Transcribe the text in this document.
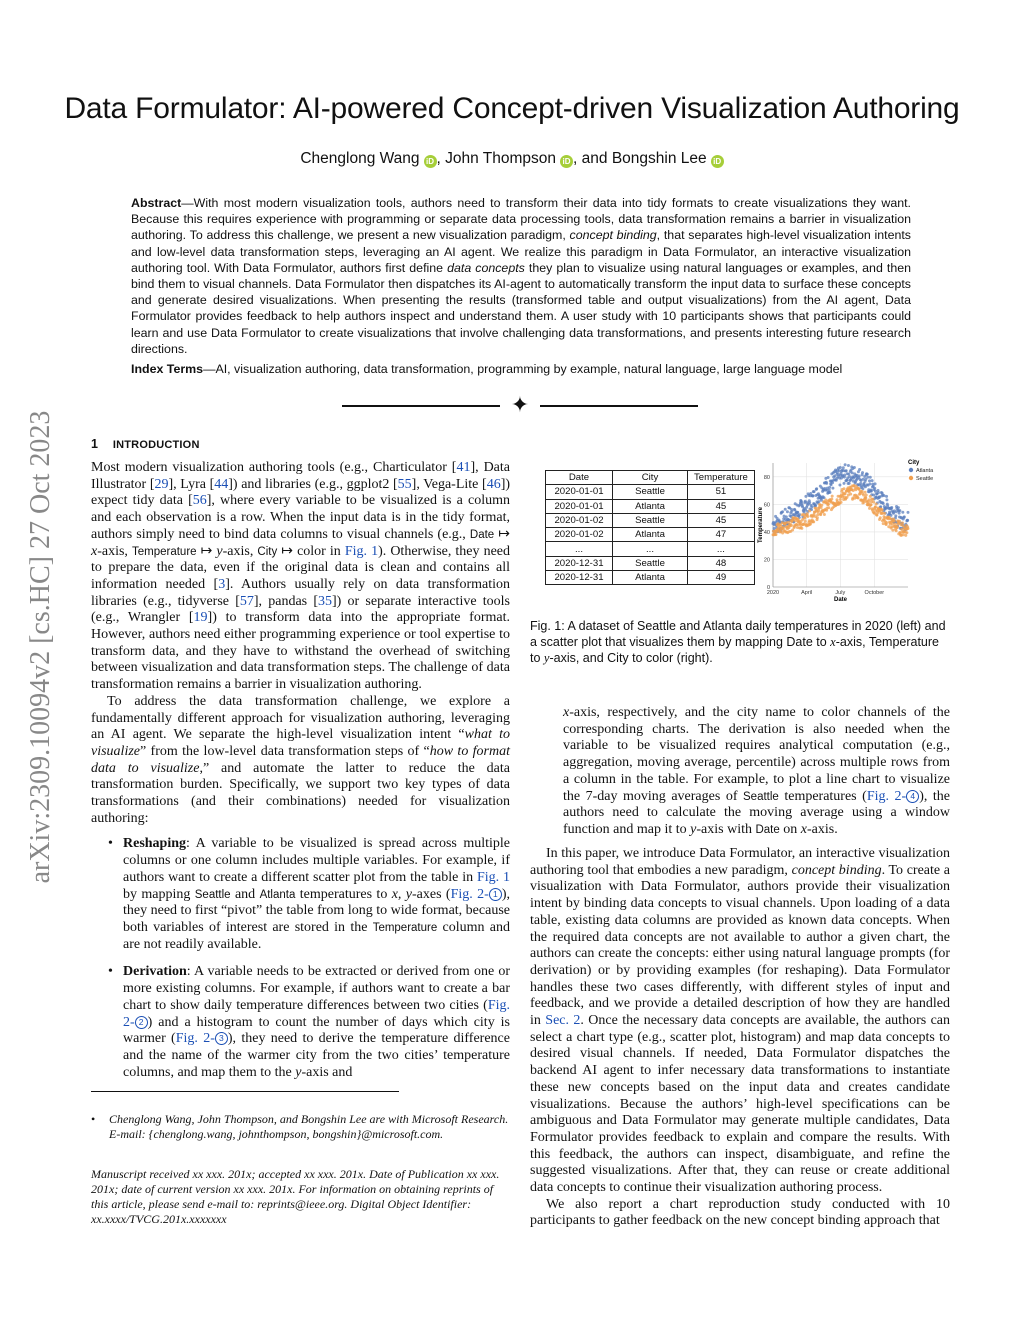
Data Formulator: AI-powered Concept-driven Visualization Authoring
Chenglong Wang iD , John Thompson iD , and Bongshin Lee iD
Abstract—With most modern visualization tools, authors need to transform their data into tidy formats to create visualizations they want. Because this requires experience with programming or separate data processing tools, data transformation remains a barrier in visualization authoring. To address this challenge, we present a new visualization paradigm, concept binding, that separates high-level visualization intents and low-level data transformation steps, leveraging an AI agent. We realize this paradigm in Data Formulator, an interactive visualization authoring tool. With Data Formulator, authors first define data concepts they plan to visualize using natural languages or examples, and then bind them to visual channels. Data Formulator then dispatches its AI-agent to automatically transform the input data to surface these concepts and generate desired visualizations. When presenting the results (transformed table and output visualizations) from the AI agent, Data Formulator provides feedback to help authors inspect and understand them. A user study with 10 participants shows that participants could learn and use Data Formulator to create visualizations that involve challenging data transformations, and presents interesting future research directions.
Index Terms—AI, visualization authoring, data transformation, programming by example, natural language, large language model
✦
arXiv:2309.10094v2 [cs.HC] 27 Oct 2023	1 INTRODUCTION

Most modern visualization authoring tools (e.g., Charticulator [41], Data Illustrator [29], Lyra [44]) and libraries (e.g., ggplot2 [55], Vega-Lite [46]) expect tidy data [56], where every variable to be visualized is a column and each observation is a row. When the input data is in the tidy format, authors simply need to bind data columns to visual channels (e.g., Date ↦ x-axis, Temperature ↦ y-axis, City ↦ color in Fig. 1). Otherwise, they need to prepare the data, even if the original data is clean and contains all information needed [3]. Authors usually rely on data transformation libraries (e.g., tidyverse [57], pandas [35]) or separate interactive tools (e.g., Wrangler [19]) to transform data into the appropriate format. However, authors need either programming experience or tool expertise to transform data, and they have to withstand the overhead of switching between visualization and data transformation steps. The challenge of data transformation remains a barrier in visualization authoring.

To address the data transformation challenge, we explore a fundamentally different approach for visualization authoring, leveraging an AI agent. We separate the high-level visualization intent “what to visualize” from the low-level data transformation steps of “how to format data to visualize,” and automate the latter to reduce the data transformation burden. Specifically, we support two key types of data transformations (and their combinations) needed for visualization authoring:

• Reshaping: A variable to be visualized is spread across multiple columns or one column includes multiple variables. For example, if authors want to create a different scatter plot from the table in Fig. 1 by mapping Seattle and Atlanta temperatures to x, y-axes (Fig. 2- 1 ), they need to first “pivot” the table from long to wide format, because both variables of interest are stored in the Temperature column and are not readily available.
• Derivation: A variable needs to be extracted or derived from one or more existing columns. For example, if authors want to create a bar chart to show daily temperature differences between two cities (Fig. 2- 2 ) and a histogram to count the number of days which city is warmer (Fig. 2- 3 ), they need to derive the temperature difference and the name of the warmer city from the two cities’ temperature columns, and map them to the y-axis and
•	Chenglong Wang, John Thompson, and Bongshin Lee are with Microsoft Research. E-mail: {chenglong.wang, johnthompson, bongshin}@microsoft.com.
Manuscript received xx xxx. 201x; accepted xx xxx. 201x. Date of Publication xx xxx. 201x; date of current version xx xxx. 201x. For information on obtaining reprints of this article, please send e-mail to: reprints@ieee.org. Digital Object Identifier: xx.xxxx/TVCG.201x.xxxxxxx
Date	City	Temperature
2020-01-01	Seattle	51
2020-01-01	Atlanta	45
2020-01-02	Seattle	45
2020-01-02	Atlanta	47
...	...	...
2020-12-31	Seattle	48
2020-12-31	Atlanta	49
0
20
40
60
80
2020	April	July	October
Date
Temperature
City
Atlanta
Seattle
Fig. 1: A dataset of Seattle and Atlanta daily temperatures in 2020 (left) and a scatter plot that visualizes them by mapping Date to x-axis, Temperature to y-axis, and City to color (right).
x-axis, respectively, and the city name to color channels of the corresponding charts. The derivation is also needed when the variable to be visualized requires analytical computation (e.g., aggregation, moving average, percentile) across multiple rows from a column in the table. For example, to plot a line chart to visualize the 7-day moving averages of Seattle temperatures (Fig. 2- 4 ), the authors need to calculate the moving average using a window function and map it to y-axis with Date on x-axis.

In this paper, we introduce Data Formulator, an interactive visualization authoring tool that embodies a new paradigm, concept binding. To create a visualization with Data Formulator, authors provide their visualization intent by binding data concepts to visual channels. Upon loading of a data table, existing data columns are provided as known data concepts. When the required data concepts are not available to author a given chart, the authors can create the concepts: either using natural language prompts (for derivation) or by providing examples (for reshaping). Data Formulator handles these two cases differently, with different styles of input and feedback, and we provide a detailed description of how they are handled in Sec. 2. Once the necessary data concepts are available, the authors can select a chart type (e.g., scatter plot, histogram) and map data concepts to desired visual channels. If needed, Data Formulator dispatches the backend AI agent to infer necessary data transformations to instantiate these new concepts based on the input data and creates candidate visualizations. Because the authors’ high-level specifications can be ambiguous and Data Formulator may generate multiple candidates, Data Formulator provides feedback to explain and compare the results. With this feedback, the authors can inspect, disambiguate, and refine the suggested visualizations. After that, they can reuse or create additional data concepts to continue their visualization authoring process.

We also report a chart reproduction study conducted with 10 participants to gather feedback on the new concept binding approach that
